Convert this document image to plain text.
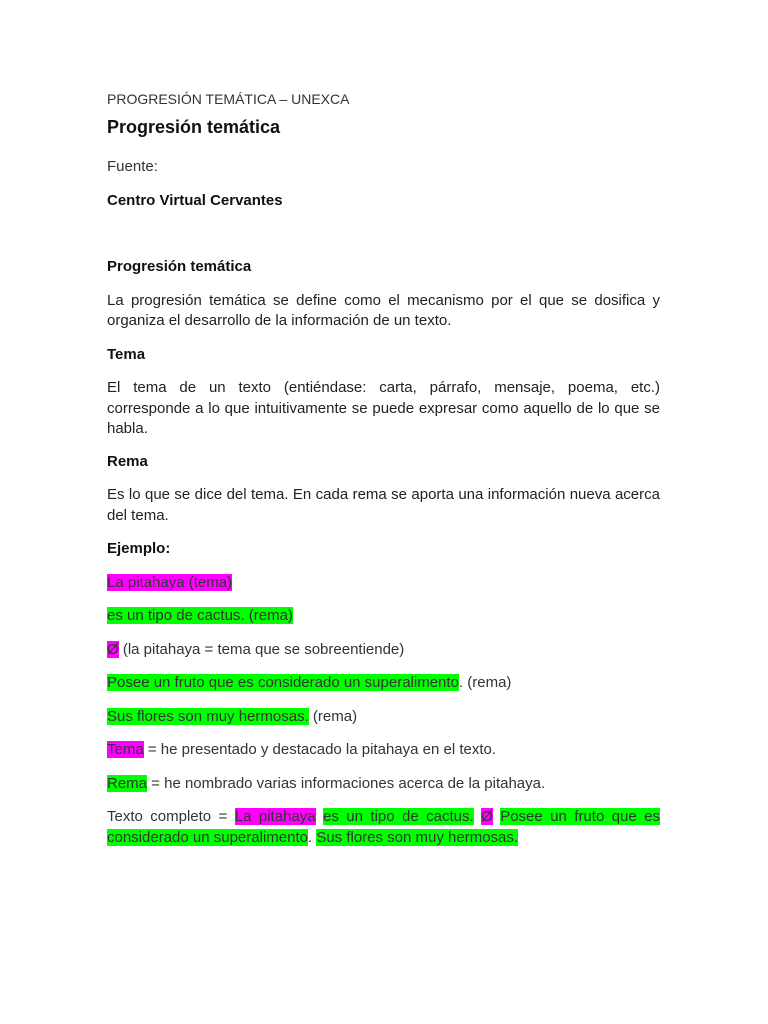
PROGRESIÓN TEMÁTICA – UNEXCA

Progresión temática

Fuente:

Centro Virtual Cervantes

Progresión temática

La progresión temática se define como el mecanismo por el que se dosifica y organiza el desarrollo de la información de un texto.

Tema

El tema de un texto (entiéndase: carta, párrafo, mensaje, poema, etc.) corresponde a lo que intuitivamente se puede expresar como aquello de lo que se habla.

Rema

Es lo que se dice del tema. En cada rema se aporta una información nueva acerca del tema.

Ejemplo:

La pitahaya (tema)

es un tipo de cactus. (rema)

Ø (la pitahaya = tema que se sobreentiende)

Posee un fruto que es considerado un superalimento. (rema)

Sus flores son muy hermosas. (rema)

Tema = he presentado y destacado la pitahaya en el texto.

Rema = he nombrado varias informaciones acerca de la pitahaya.

Texto completo = La pitahaya es un tipo de cactus. Ø Posee un fruto que es considerado un superalimento. Sus flores son muy hermosas.
